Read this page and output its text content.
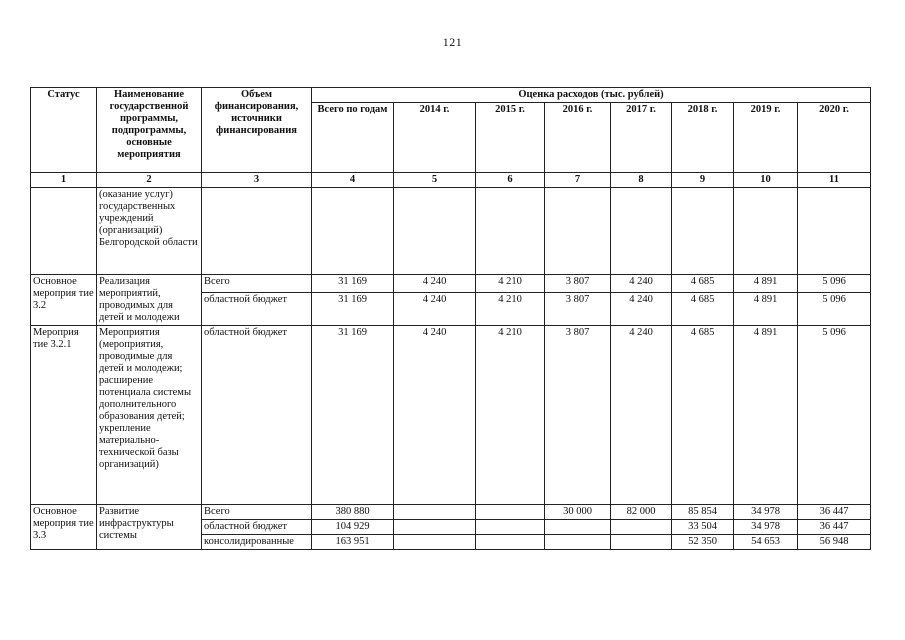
121
Статус	Наименование государственной программы, подпрограммы, основные мероприятия	Объем финансирования, источники финансирования	Оценка расходов (тыс. рублей)							
			Всего по годам	2014 г.	2015 г.	2016 г.	2017 г.	2018 г.	2019 г.	2020 г.
1	2	3	4	5	6	7	8	9	10	11
	(оказание услуг) государственных учреждений (организаций) Белгородской области									
Основное мероприя тие 3.2	Реализация мероприятий, проводимых для детей и молодежи	Всего	31 169	4 240	4 210	3 807	4 240	4 685	4 891	5 096
		областной бюджет	31 169	4 240	4 210	3 807	4 240	4 685	4 891	5 096
Мероприя тие 3.2.1	Мероприятия (мероприятия, проводимые для детей и молодежи; расширение потенциала системы дополнительного образования детей; укрепление материально-технической базы организаций)	областной бюджет	31 169	4 240	4 210	3 807	4 240	4 685	4 891	5 096
Основное мероприя тие 3.3	Развитие инфраструктуры системы	Всего	380 880			30 000	82 000	85 854	34 978	36 447
		областной бюджет	104 929					33 504	34 978	36 447
		консолидированные	163 951					52 350	54 653	56 948
